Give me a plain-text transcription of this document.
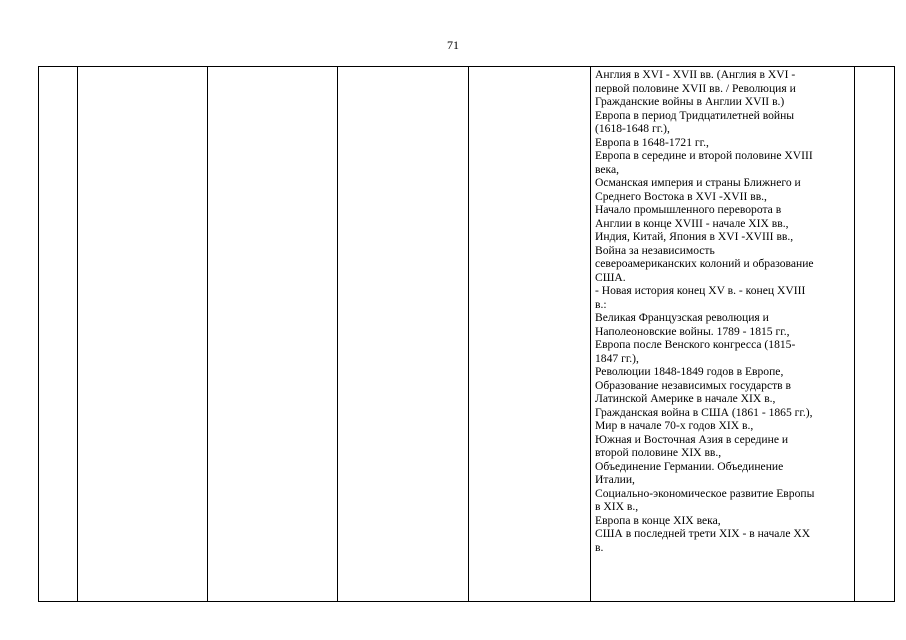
71

Англия в XVI - XVII вв. (Англия в XVI -
первой половине XVII вв. / Революция и
Гражданские войны в Англии XVII в.)
Европа в период Тридцатилетней войны
(1618-1648 гг.),
Европа в 1648-1721 гг.,
Европа в середине и второй половине XVIII
века,
Османская империя и страны Ближнего и
Среднего Востока в XVI -XVII вв.,
Начало промышленного переворота в
Англии в конце XVIII - начале XIX вв.,
Индия, Китай, Япония в XVI -XVIII вв.,
Война за независимость
североамериканских колоний и образование
США.
- Новая история конец XV в. - конец XVIII
в.:
Великая Французская революция и
Наполеоновские войны. 1789 - 1815 гг.,
Европа после Венского конгресса (1815-
1847 гг.),
Революции 1848-1849 годов в Европе,
Образование независимых государств в
Латинской Америке в начале XIX в.,
Гражданская война в США (1861 - 1865 гг.),
Мир в начале 70-х годов XIX в.,
Южная и Восточная Азия в середине и
второй половине XIX вв.,
Объединение Германии. Объединение
Италии,
Социально-экономическое развитие Европы
в XIX в.,
Европа в конце XIX века,
США в последней трети XIX - в начале XX
в.
